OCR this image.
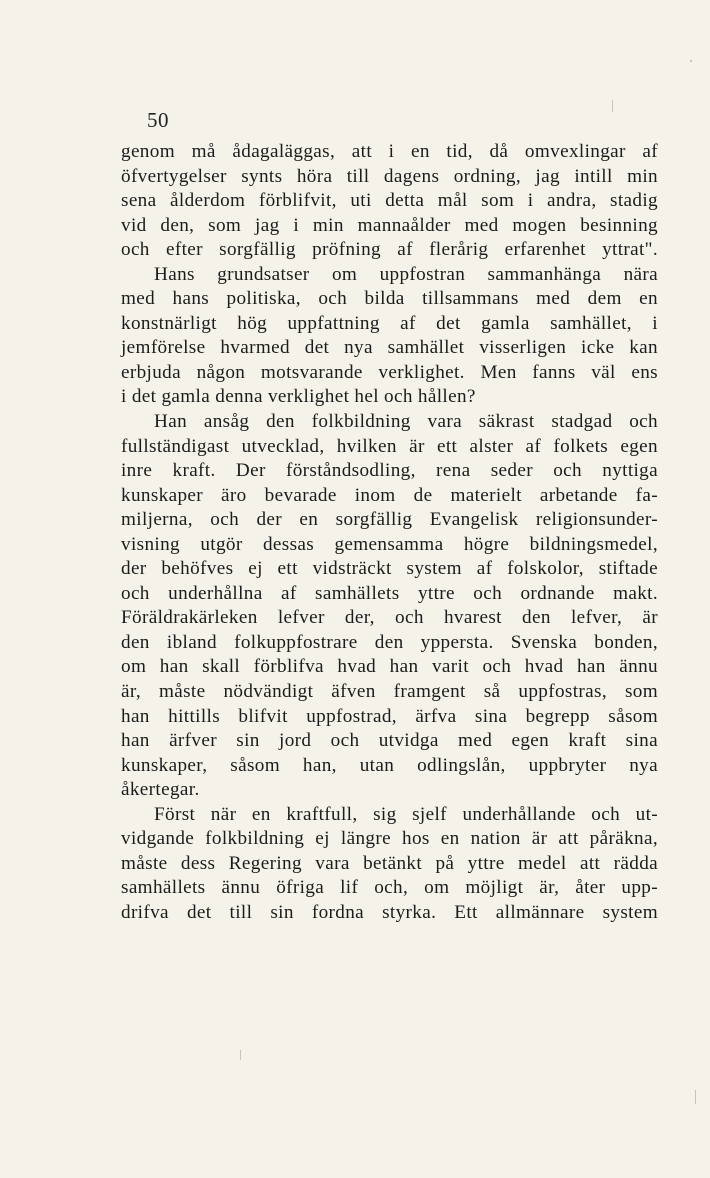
50
genom må ådagaläggas, att i en tid, då omvexlingar af
öfvertygelser synts höra till dagens ordning, jag intill min
sena ålderdom förblifvit, uti detta mål som i andra, stadig
vid den, som jag i min mannaålder med mogen besinning
och efter sorgfällig pröfning af flerårig erfarenhet yttrat".
Hans grundsatser om uppfostran sammanhänga nära
med hans politiska, och bilda tillsammans med dem en
konstnärligt hög uppfattning af det gamla samhället, i
jemförelse hvarmed det nya samhället visserligen icke kan
erbjuda någon motsvarande verklighet. Men fanns väl ens
i det gamla denna verklighet hel och hållen?
Han ansåg den folkbildning vara säkrast stadgad och
fullständigast utvecklad, hvilken är ett alster af folkets egen
inre kraft. Der förståndsodling, rena seder och nyttiga
kunskaper äro bevarade inom de materielt arbetande fa-
miljerna, och der en sorgfällig Evangelisk religionsunder-
visning utgör dessas gemensamma högre bildningsmedel,
der behöfves ej ett vidsträckt system af folskolor, stiftade
och underhållna af samhällets yttre och ordnande makt.
Föräldrakärleken lefver der, och hvarest den lefver, är
den ibland folkuppfostrare den yppersta. Svenska bonden,
om han skall förblifva hvad han varit och hvad han ännu
är, måste nödvändigt äfven framgent så uppfostras, som
han hittills blifvit uppfostrad, ärfva sina begrepp såsom
han ärfver sin jord och utvidga med egen kraft sina
kunskaper, såsom han, utan odlingslån, uppbryter nya
åkertegar.
Först när en kraftfull, sig sjelf underhållande och ut-
vidgande folkbildning ej längre hos en nation är att påräkna,
måste dess Regering vara betänkt på yttre medel att rädda
samhällets ännu öfriga lif och, om möjligt är, åter upp-
drifva det till sin fordna styrka. Ett allmännare system
